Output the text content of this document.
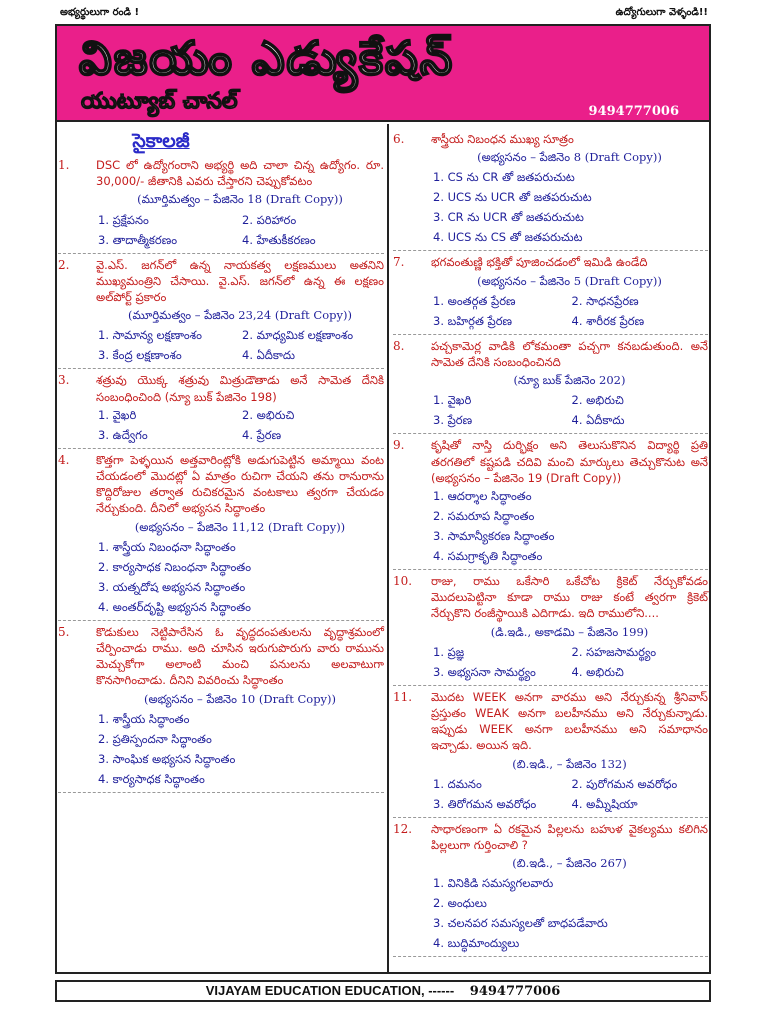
అభ్యర్థులుగా రండి !	ఉద్యోగులుగా వెళ్ళండి!!
విజయం ఎడ్యుకేషన్
యుట్యూబ్ చానల్	9494777006
సైకాలజీ
1.	DSC లో ఉద్యోగంరాని అభ్యర్థి అది చాలా చిన్న ఉద్యోగం. రూ. 30,000/- జీతానికి ఎవరు చేస్తారని చెప్పుకోవటం
(మూర్తిమత్వం – పేజినెం 18 (Draft Copy))
1. ప్రక్షేపనం	2. పరిహారం
3. తాదాత్మీకరణం	4. హేతుకీకరణం
2.	వై.ఎస్. జగన్‌లో ఉన్న నాయకత్వ లక్షణములు అతనిని ముఖ్యమంత్రిని చేసాయి. వై.ఎస్. జగన్‌లో ఉన్న ఈ లక్షణం అల్‌పోర్ట్ ప్రకారం
(మూర్తిమత్వం – పేజినెం 23,24 (Draft Copy))
1. సామాన్య లక్షణాంశం	2. మాధ్యమిక లక్షణాంశం
3. కేంద్ర లక్షణాంశం	4. ఏదీకాదు
3.	శత్రువు యొక్క శత్రువు మిత్రుడౌతాడు అనే సామెత దేనికి సంబంధించింది (న్యూ బుక్ పేజినెం 198)
1. వైఖరి	2. అభిరుచి
3. ఉద్వేగం	4. ప్రేరణ
4.	కొత్తగా పెళ్ళయిన అత్తవారింట్లోకి అడుగుపెట్టిన అమ్మాయి వంట చేయడంలో మొదట్లో ఏ మాత్రం రుచిగా చేయని తను రానురాను కొద్దిరోజుల తర్వాత రుచికరమైన వంటకాలు త్వరగా చేయడం నేర్చుకుంది. దీనిలో అభ్యసన సిద్ధాంతం
(అభ్యసనం – పేజినెం 11,12 (Draft Copy))
1. శాస్త్రీయ నిబంధనా సిద్ధాంతం
2. కార్యసాధక నిబంధనా సిద్ధాంతం
3. యత్నదోష అభ్యసన సిద్ధాంతం
4. అంతర్‌దృష్టి అభ్యసన సిద్ధాంతం
5.	కొడుకులు నెట్టిపారేసిన ఓ వృద్ధదంపతులను వృద్ధాశ్రమంలో చేర్పించాడు రాము. అది చూసిన ఇరుగుపొరుగు వారు రామును మెచ్చుకోగా అలాంటి మంచి పనులను అలవాటుగా కొనసాగించాడు. దీనిని వివరించు సిద్ధాంతం
(అభ్యసనం – పేజినెం 10 (Draft Copy))
1. శాస్త్రీయ సిద్ధాంతం
2. ప్రతిస్పందనా సిద్ధాంతం
3. సాంఘిక అభ్యసన సిద్ధాంతం
4. కార్యసాధక సిద్ధాంతం
6.	శాస్త్రీయ నిబంధన ముఖ్య సూత్రం
(అభ్యసనం – పేజినెం 8 (Draft Copy))
1. CS ను CR తో జతపరుచుట
2. UCS ను UCR తో జతపరుచుట
3. CR ను UCR తో జతపరుచుట
4. UCS ను CS తో జతపరుచుట
7.	భగవంతుణ్ణి భక్తితో పూజించడంలో ఇమిడి ఉండేది
(అభ్యసనం – పేజినెం 5 (Draft Copy))
1. అంతర్గత ప్రేరణ	2. సాధనప్రేరణ
3. బహిర్గత ప్రేరణ	4. శారీరక ప్రేరణ
8.	పచ్చకామెర్ల వాడికి లోకమంతా పచ్చగా కనబడుతుంది. అనే సామెత దేనికి సంబంధించినది
(న్యూ బుక్ పేజినెం 202)
1. వైఖరి	2. అభిరుచి
3. ప్రేరణ	4. ఏదీకాదు
9.	కృషితో నాస్తి దుర్భిక్షం అని తెలుసుకొనిన విద్యార్థి ప్రతి తరగతిలో కష్టపడి చదివి మంచి మార్కులు తెచ్చుకొనుట అనే (అభ్యసనం – పేజినెం 19 (Draft Copy))
1. ఆదర్శాల సిద్ధాంతం
2. సమరూప సిద్ధాంతం
3. సామాన్యీకరణ సిద్ధాంతం
4. సమగ్రాకృతి సిద్ధాంతం
10.	రాజు, రాము ఒకేసారి ఒకేచోట క్రికెట్ నేర్చుకోవడం మొదలుపెట్టినా కూడా రాము రాజు కంటే త్వరగా క్రికెట్ నేర్చుకొని రంజీస్థాయికి ఎదిగాడు. ఇది రాములోని....
(డి.ఇడి., అకాడమి – పేజినెం 199)
1. ప్రజ్ఞ	2. సహజసామర్థ్యం
3. అభ్యసనా సామర్థ్యం	4. అభిరుచి
11.	మొదట WEEK అనగా వారము అని నేర్చుకున్న శ్రీనివాస్ ప్రస్తుతం WEAK అనగా బలహీనము అని నేర్చుకున్నాడు. ఇప్పుడు WEEK అనగా బలహీనము అని సమాధానం ఇచ్చాడు. అయిన ఇది.
(బి.ఇడి., – పేజినెం 132)
1. దమనం	2. పురోగమన అవరోధం
3. తిరోగమన అవరోధం	4. అమ్నీషియా
12.	సాధారణంగా ఏ రకమైన పిల్లలను బహుళ వైకల్యము కలిగిన పిల్లలుగా గుర్తించాలి ?
(బి.ఇడి., – పేజినెం 267)
1. వినికిడి సమస్యగలవారు
2. అంధులు
3. చలనపర సమస్యలతో బాధపడేవారు
4. బుద్ధిమాంద్యులు
VIJAYAM EDUCATION EDUCATION, ------ 9494777006
